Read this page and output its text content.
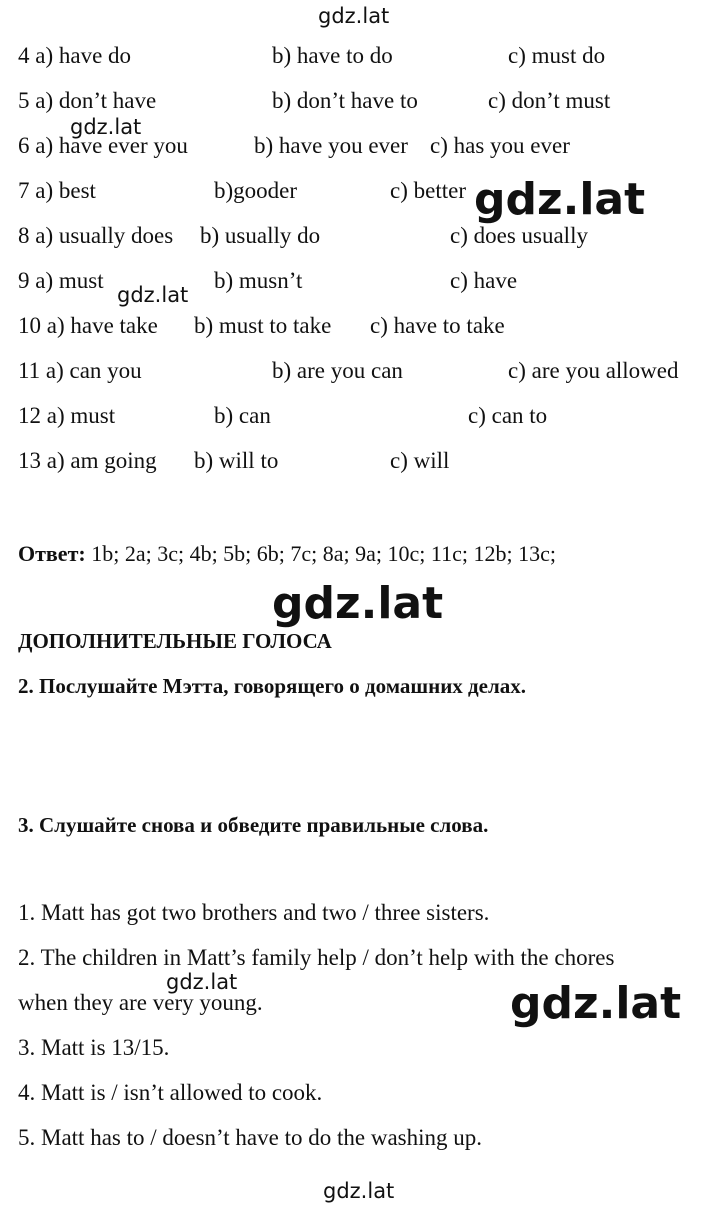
gdz.lat
4 a) have do	b) have to do	c) must do
5 a) don’t have	b) don’t have to	c) don’t must
6 a) have ever you	b) have you ever c) has you ever
7 a) best	b)gooder	c) better
8 a) usually does b) usually do	c) does usually
9 a) must	b) musn’t	c) have
10 a) have take b) must to take c) have to take
11 a) can you	b) are you can	c) are you allowed
12 a) must	b) can	c) can to
13 a) am going b) will to	c) will
gdz.lat
gdz.lat
gdz.lat
Ответ: 1b; 2a; 3c; 4b; 5b; 6b; 7c; 8a; 9a; 10c; 11c; 12b; 13c;
ДОПОЛНИТЕЛЬНЫЕ ГОЛОСА
gdz.lat
2. Послушайте Мэтта, говорящего о домашних делах.
3. Слушайте снова и обведите правильные слова.
1. Matt has got two brothers and two / three sisters.
2. The children in Matt’s family help / don’t help with the chores
when they are very young.
3. Matt is 13/15.
4. Matt is / isn’t allowed to cook.
5. Matt has to / doesn’t have to do the washing up.
gdz.lat	gdz.lat
gdz.lat
